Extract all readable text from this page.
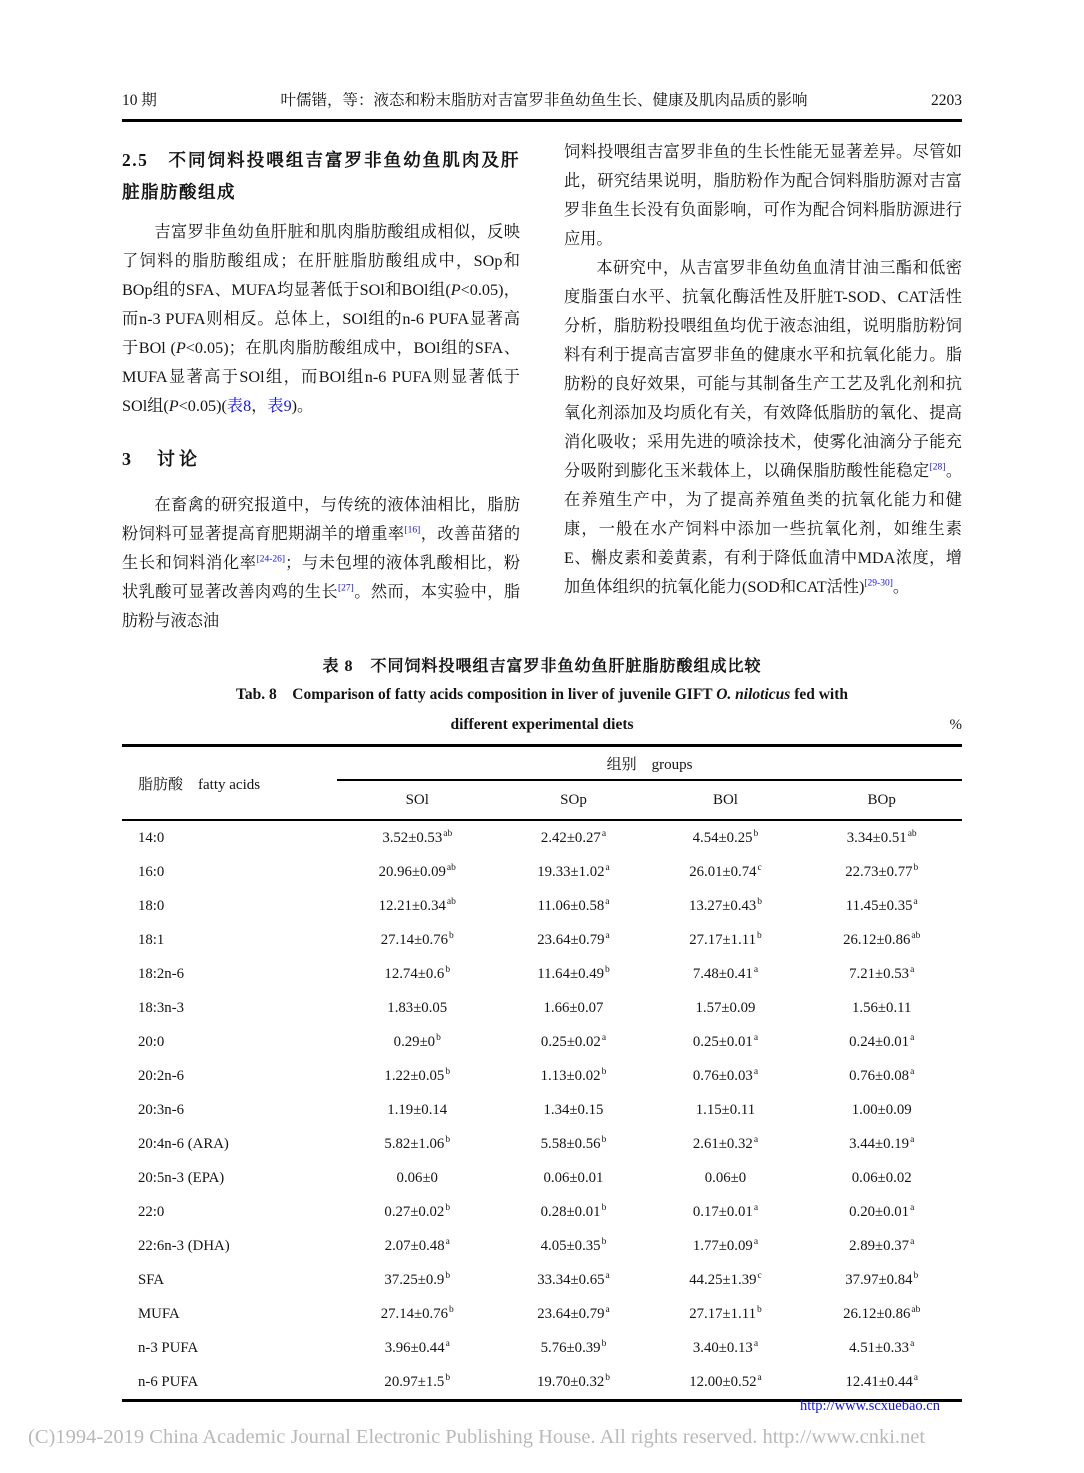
10 期	叶儒锴，等：液态和粉末脂肪对吉富罗非鱼幼鱼生长、健康及肌肉品质的影响	2203
2.5　不同饲料投喂组吉富罗非鱼幼鱼肌肉及肝脏脂肪酸组成

吉富罗非鱼幼鱼肝脏和肌肉脂肪酸组成相似，反映了饲料的脂肪酸组成；在肝脏脂肪酸组成中，SOp和BOp组的SFA、MUFA均显著低于SOl和BOl组(P<0.05)，而n-3 PUFA则相反。总体上，SOl组的n-6 PUFA显著高于BOl (P<0.05)；在肌肉脂肪酸组成中，BOl组的SFA、MUFA显著高于SOl组，而BOl组n-6 PUFA则显著低于SOl组(P<0.05)(表8，表9)。

3　讨论

在畜禽的研究报道中，与传统的液体油相比，脂肪粉饲料可显著提高育肥期湖羊的增重率[16]，改善苗猪的生长和饲料消化率[24-26]；与未包埋的液体乳酸相比，粉状乳酸可显著改善肉鸡的生长[27]。然而，本实验中，脂肪粉与液态油

饲料投喂组吉富罗非鱼的生长性能无显著差异。尽管如此，研究结果说明，脂肪粉作为配合饲料脂肪源对吉富罗非鱼生长没有负面影响，可作为配合饲料脂肪源进行应用。

本研究中，从吉富罗非鱼幼鱼血清甘油三酯和低密度脂蛋白水平、抗氧化酶活性及肝脏T-SOD、CAT活性分析，脂肪粉投喂组鱼均优于液态油组，说明脂肪粉饲料有利于提高吉富罗非鱼的健康水平和抗氧化能力。脂肪粉的良好效果，可能与其制备生产工艺及乳化剂和抗氧化剂添加及均质化有关，有效降低脂肪的氧化、提高消化吸收；采用先进的喷涂技术，使雾化油滴分子能充分吸附到膨化玉米载体上，以确保脂肪酸性能稳定[28]。在养殖生产中，为了提高养殖鱼类的抗氧化能力和健康，一般在水产饲料中添加一些抗氧化剂，如维生素E、槲皮素和姜黄素，有利于降低血清中MDA浓度，增加鱼体组织的抗氧化能力(SOD和CAT活性)[29-30]。

表 8　不同饲料投喂组吉富罗非鱼幼鱼肝脏脂肪酸组成比较
Tab. 8　Comparison of fatty acids composition in liver of juvenile GIFT O. niloticus fed with
different experimental diets	%
脂肪酸　 fatty acids	组别　 groups			
	SOl	SOp	BOl	BOp
14:0	3.52±0.53$^{ab}$	2.42±0.27$^a$	4.54±0.25$^b$	3.34±0.51$^{ab}$
16:0	20.96±0.09$^{ab}$	19.33±1.02$^a$	26.01±0.74$^c$	22.73±0.77$^b$
18:0	12.21±0.34$^{ab}$	11.06±0.58$^a$	13.27±0.43$^b$	11.45±0.35$^a$
18:1	27.14±0.76$^b$	23.64±0.79$^a$	27.17±1.11$^b$	26.12±0.86$^{ab}$
18:2n-6	12.74±0.6$^b$	11.64±0.49$^b$	7.48±0.41$^a$	7.21±0.53$^a$
18:3n-3	1.83±0.05	1.66±0.07	1.57±0.09	1.56±0.11
20:0	$0.29\pm 0^b$	0.25±0.02$^a$	0.25±0.01$^a$	0.24±0.01$^a$
20:2n-6	1.22±0.05$^b$	1.13±0.02$^b$	0.76±0.03$^a$	0.76±0.08$^a$
20:3n-6	1.19±0.14	1.34±0.15	1.15±0.11	1.00±0.09
20:4n-6 (ARA)	5.82±1.06$^b$	5.58±0.56$^b$	2.61±0.32$^a$	3.44±0.19$^a$
20:5n-3 (EPA)	0.06±0	0.06±0.01	0.06±0	0.06±0.02
22:0	0.27±0.02$^b$	0.28±0.01$^b$	0.17±0.01$^a$	0.20±0.01$^a$
22:6n-3 (DHA)	2.07±0.48$^a$	4.05±0.35$^b$	1.77±0.09$^a$	2.89±0.37$^a$
SFA	37.25±0.9$^b$	33.34±0.65$^a$	44.25±1.39$^c$	37.97±0.84$^b$
MUFA	27.14±0.76$^b$	23.64±0.79$^a$	27.17±1.11$^b$	26.12±0.86$^{ab}$
n-3 PUFA	3.96±0.44$^a$	5.76±0.39$^b$	3.40±0.13$^a$	4.51±0.33$^a$
n-6 PUFA	20.97±1.5$^b$	19.70±0.32$^b$	12.00±0.52$^a$	12.41±0.44$^a$
http://www.scxuebao.cn
(C)1994-2019 China Academic Journal Electronic Publishing House. All rights reserved. http://www.cnki.net
